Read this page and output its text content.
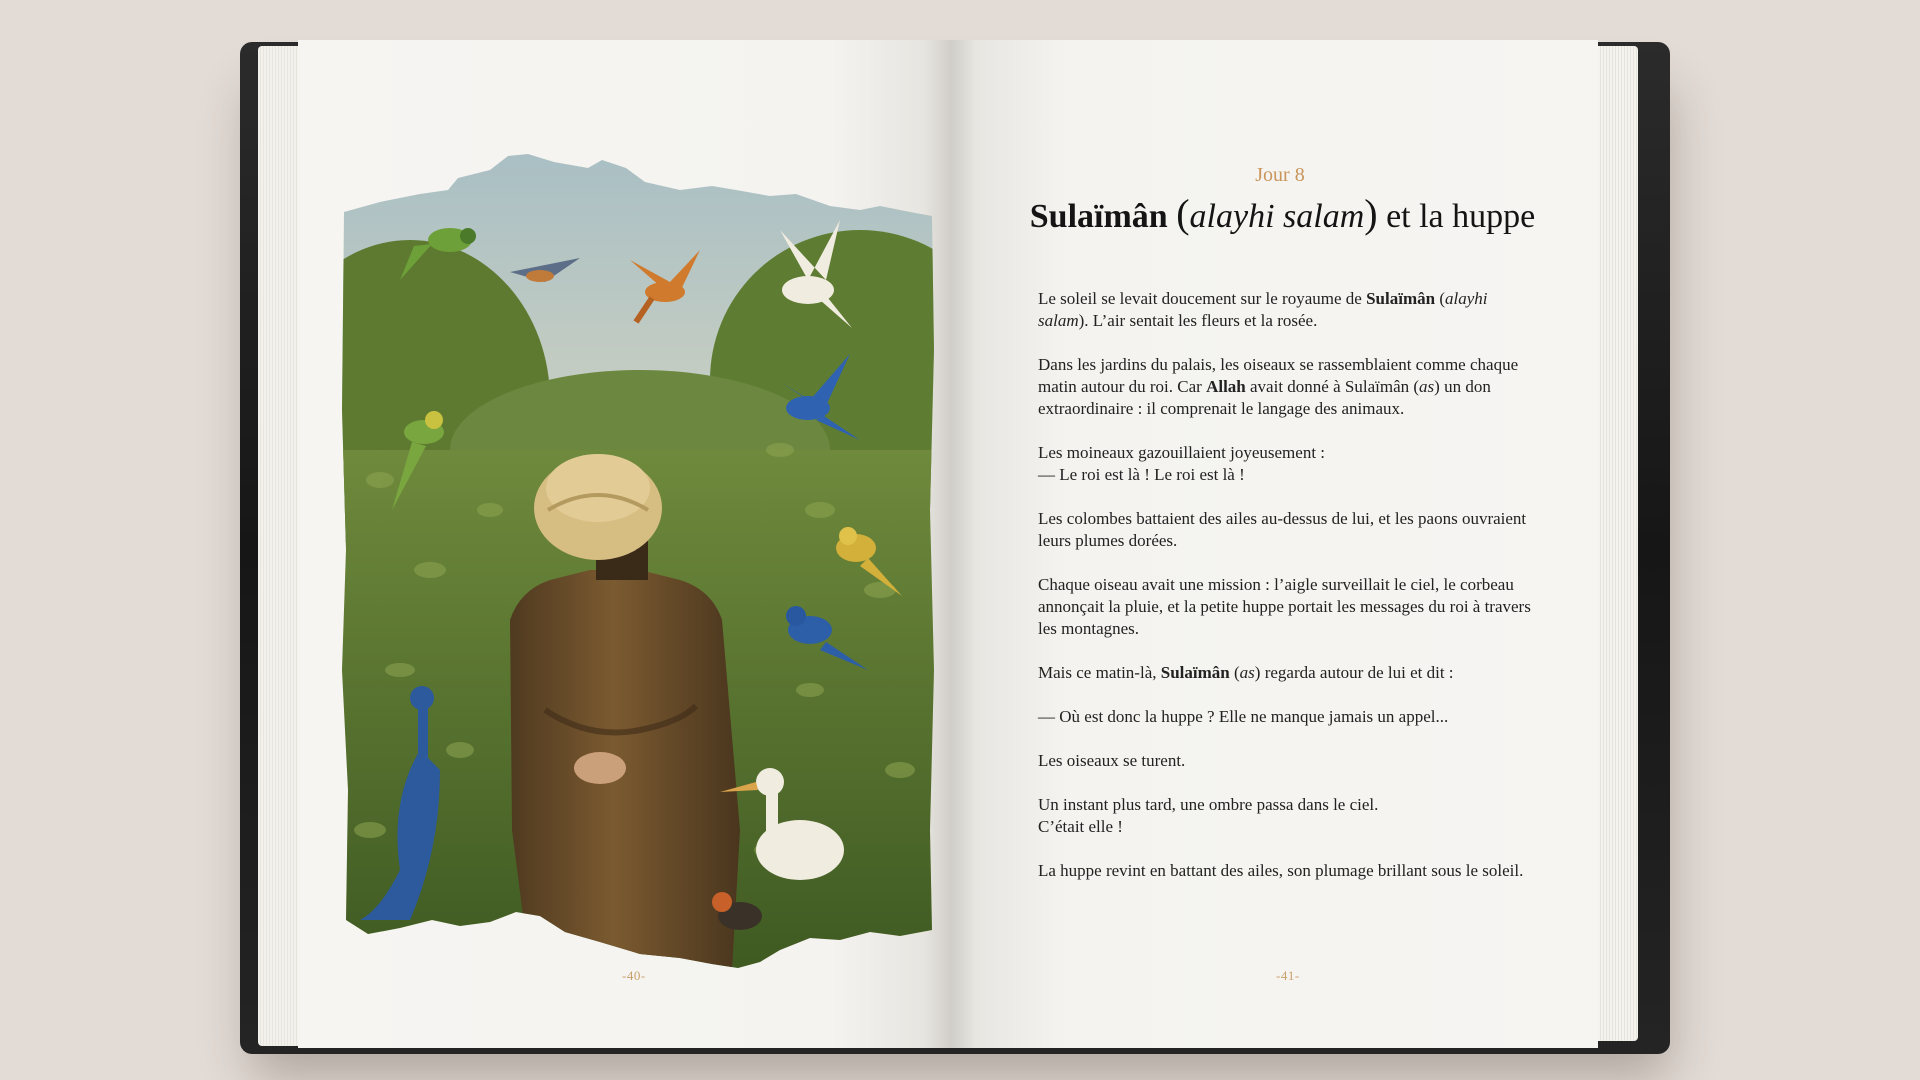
-40-
Jour 8
Sulaïmân (alayhi salam) et la huppe

Le soleil se levait doucement sur le royaume de Sulaïmân (alayhi salam). L’air sentait les fleurs et la rosée.

Dans les jardins du palais, les oiseaux se rassemblaient comme chaque matin autour du roi. Car Allah avait donné à Sulaïmân (as) un don extraordinaire : il comprenait le langage des animaux.

Les moineaux gazouillaient joyeusement :
— Le roi est là ! Le roi est là !

Les colombes battaient des ailes au-dessus de lui, et les paons ouvraient leurs plumes dorées.

Chaque oiseau avait une mission : l’aigle surveillait le ciel, le corbeau annonçait la pluie, et la petite huppe portait les messages du roi à travers les montagnes.

Mais ce matin-là, Sulaïmân (as) regarda autour de lui et dit :

— Où est donc la huppe ? Elle ne manque jamais un appel...

Les oiseaux se turent.

Un instant plus tard, une ombre passa dans le ciel.
C’était elle !

La huppe revint en battant des ailes, son plumage brillant sous le soleil.

-41-
